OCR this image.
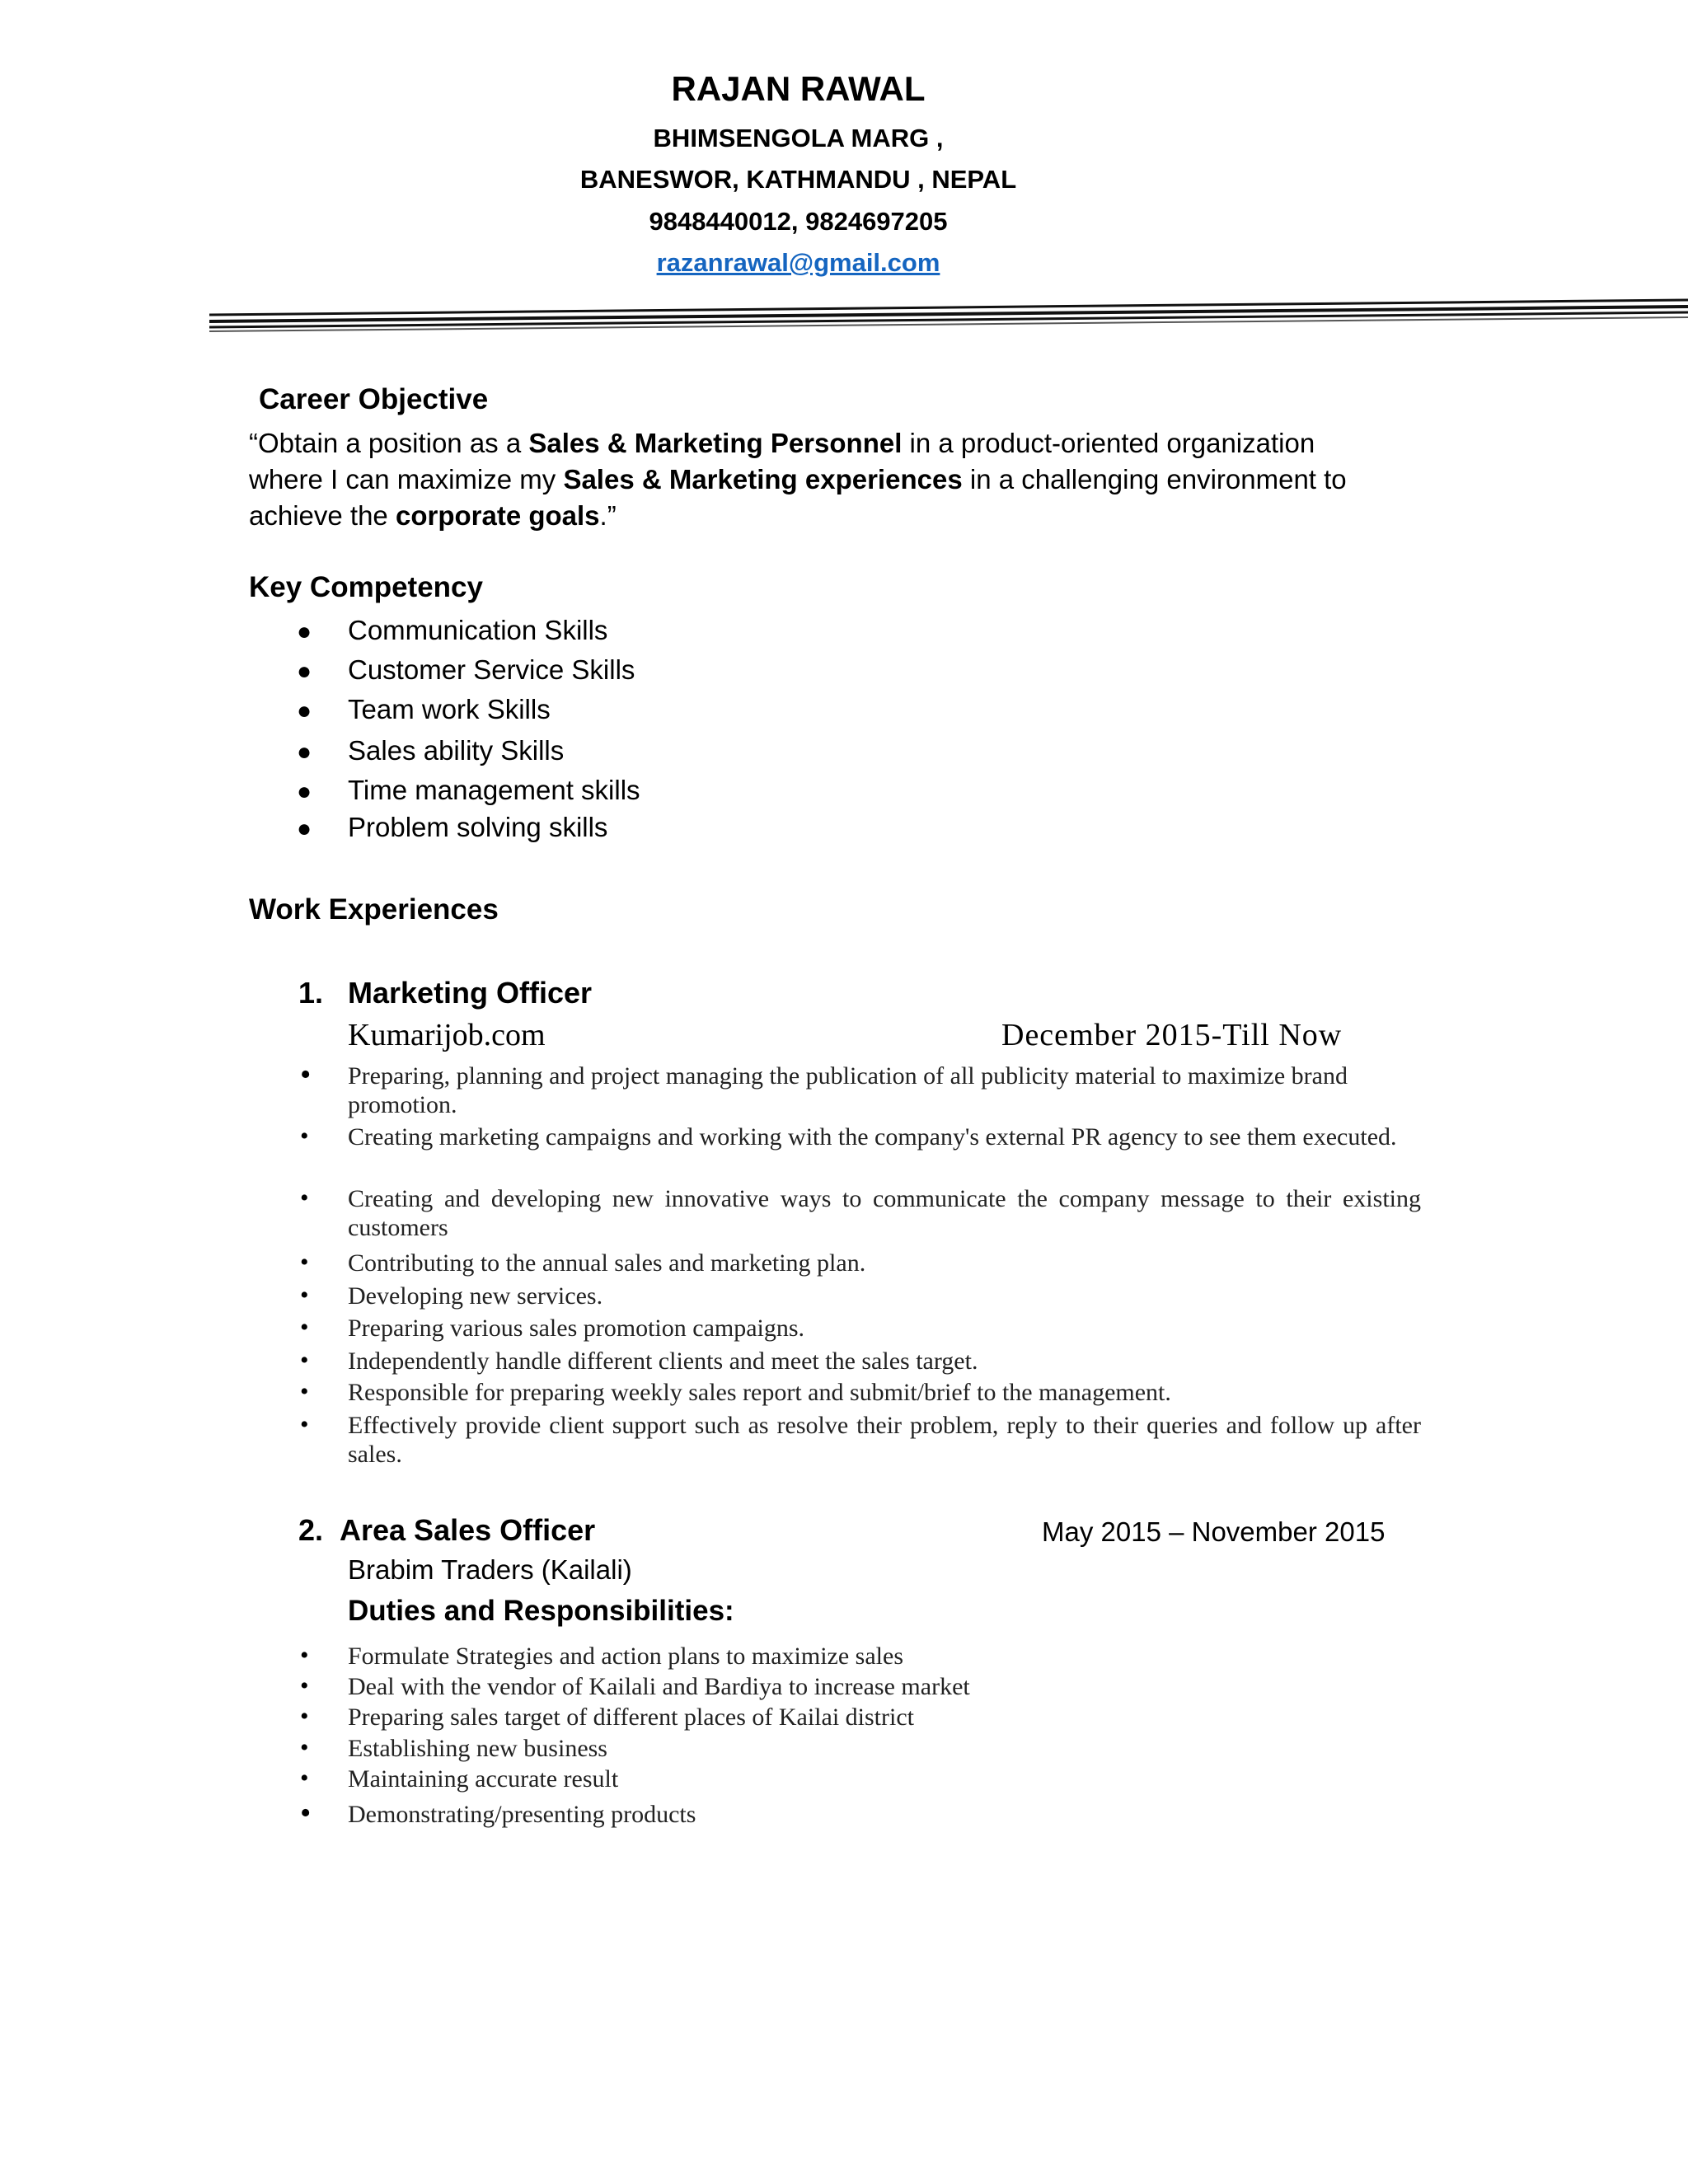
RAJAN RAWAL
BHIMSENGOLA MARG ,
BANESWOR, KATHMANDU , NEPAL
9848440012, 9824697205
razanrawal@gmail.com
Career Objective
“Obtain a position as a Sales & Marketing Personnel in a product-oriented organization
where I can maximize my Sales & Marketing experiences in a challenging environment to
achieve the corporate goals.”
Key Competency
● Communication Skills
● Customer Service Skills
● Team work Skills
● Sales ability Skills
● Time management skills
● Problem solving skills
Work Experiences
1. Marketing Officer
Kumarijob.com	December 2015-Till Now
• Preparing, planning and project managing the publication of all publicity material to maximize brand promotion.
• Creating marketing campaigns and working with the company's external PR agency to see them executed.
• Creating and developing new innovative ways to communicate the company message to their existing customers
• Contributing to the annual sales and marketing plan.
• Developing new services.
• Preparing various sales promotion campaigns.
• Independently handle different clients and meet the sales target.
• Responsible for preparing weekly sales report and submit/brief to the management.
• Effectively provide client support such as resolve their problem, reply to their queries and follow up after sales.
2. Area Sales Officer	May 2015 – November 2015
Brabim Traders (Kailali)
Duties and Responsibilities:
• Formulate Strategies and action plans to maximize sales
• Deal with the vendor of Kailali and Bardiya to increase market
• Preparing sales target of different places of Kailai district
• Establishing new business
• Maintaining accurate result
• Demonstrating/presenting products
